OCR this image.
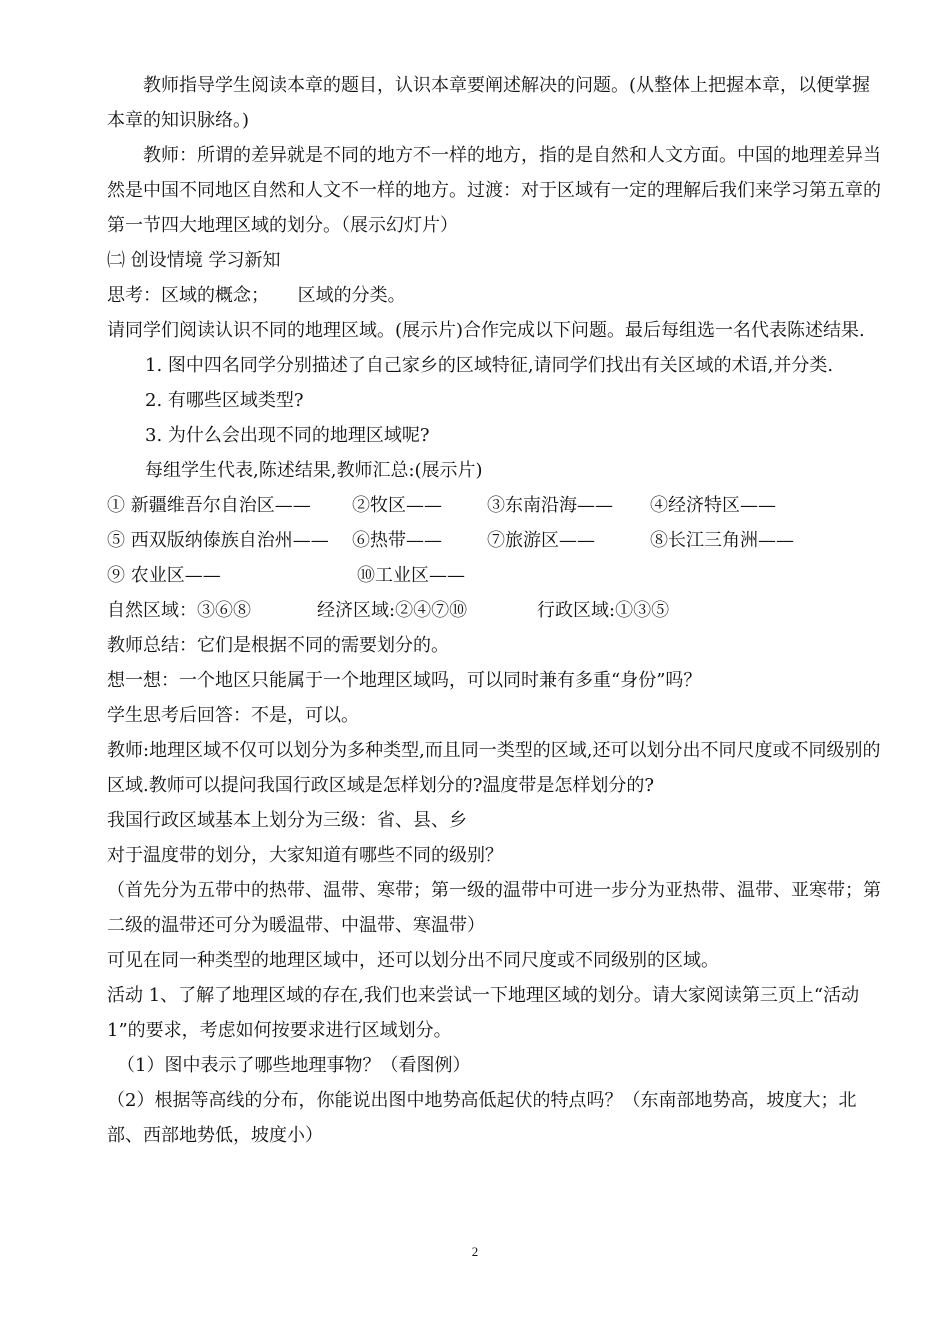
教师指导学生阅读本章的题目，认识本章要阐述解决的问题。(从整体上把握本章，以便掌握本章的知识脉络。)

教师：所谓的差异就是不同的地方不一样的地方，指的是自然和人文方面。中国的地理差异当然是中国不同地区自然和人文不一样的地方。过渡：对于区域有一定的理解后我们来学习第五章的第一节四大地理区域的划分。（展示幻灯片）

㈡ 创设情境 学习新知

思考：区域的概念；     区域的分类。

请同学们阅读认识不同的地理区域。(展示片)合作完成以下问题。最后每组选一名代表陈述结果.

1. 图中四名同学分别描述了自己家乡的区域特征,请同学们找出有关区域的术语,并分类.

2. 有哪些区域类型?

3. 为什么会出现不同的地理区域呢?

每组学生代表,陈述结果,教师汇总:(展示片)

① 新疆维吾尔自治区——	②牧区——	③东南沿海——	④经济特区——
⑤ 西双版纳傣族自治州——	⑥热带——	⑦旅游区——	⑧长江三角洲——
⑨ 农业区——	⑩工业区——
自然区域：③⑥⑧	经济区域:②④⑦⑩	行政区域:①③⑤

教师总结：它们是根据不同的需要划分的。

想一想：一个地区只能属于一个地理区域吗，可以同时兼有多重“身份”吗？

学生思考后回答：不是，可以。

教师:地理区域不仅可以划分为多种类型,而且同一类型的区域,还可以划分出不同尺度或不同级别的区域.教师可以提问我国行政区域是怎样划分的?温度带是怎样划分的?

我国行政区域基本上划分为三级：省、县、乡

对于温度带的划分，大家知道有哪些不同的级别？

（首先分为五带中的热带、温带、寒带；第一级的温带中可进一步分为亚热带、温带、亚寒带；第二级的温带还可分为暖温带、中温带、寒温带）

可见在同一种类型的地理区域中，还可以划分出不同尺度或不同级别的区域。

活动 1、了解了地理区域的存在,我们也来尝试一下地理区域的划分。请大家阅读第三页上“活动 1”的要求，考虑如何按要求进行区域划分。

（1）图中表示了哪些地理事物？（看图例）

（2）根据等高线的分布，你能说出图中地势高低起伏的特点吗？（东南部地势高，坡度大；北部、西部地势低，坡度小）

2
